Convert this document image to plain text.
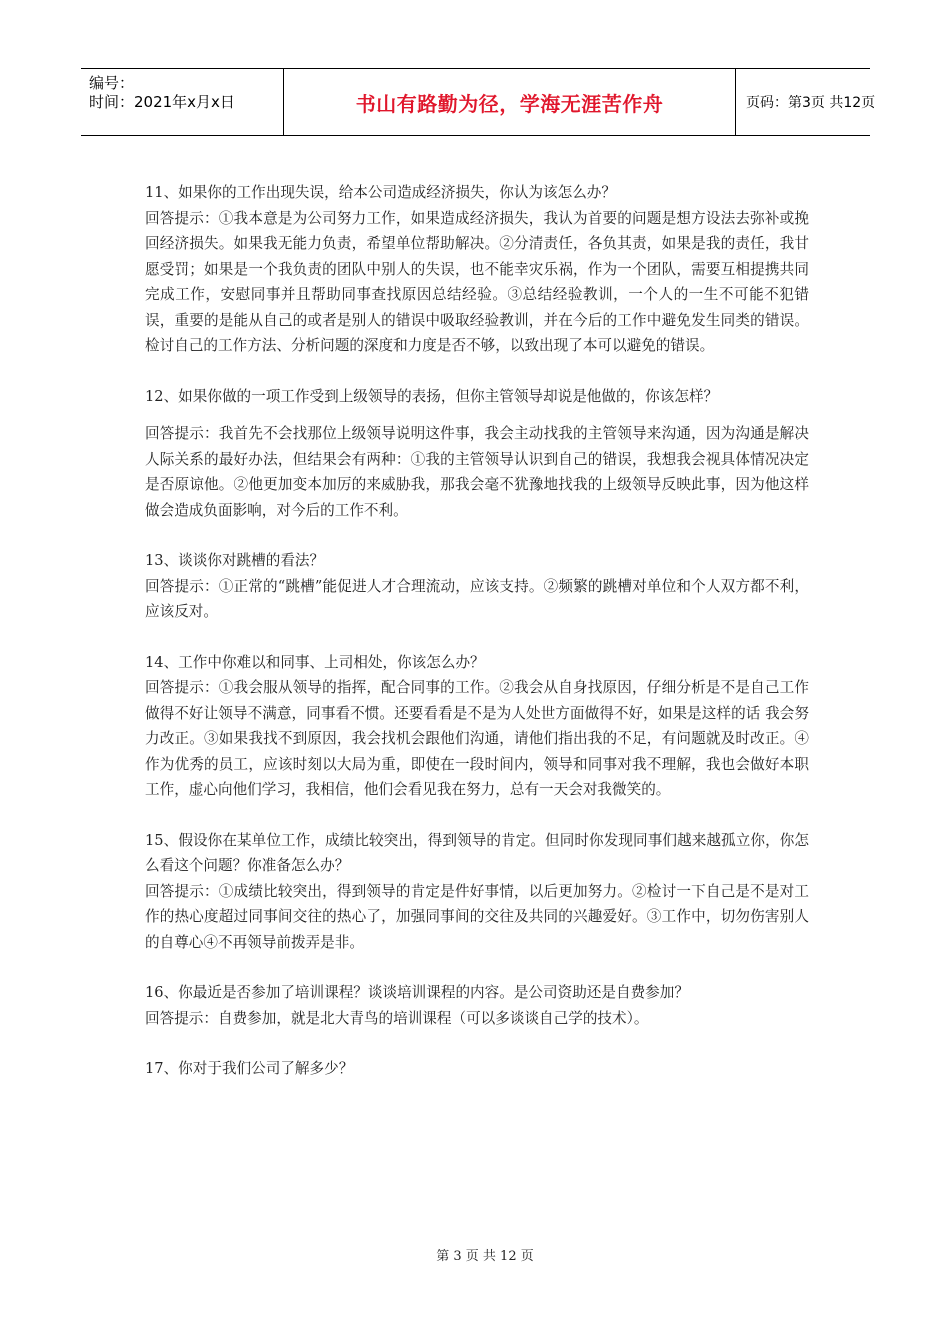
编号：
时间：2021年x月x日	书山有路勤为径，学海无涯苦作舟	页码：第3页 共12页

11、如果你的工作出现失误，给本公司造成经济损失，你认为该怎么办？

回答提示：①我本意是为公司努力工作，如果造成经济损失，我认为首要的问题是想方设法去弥补或挽回经济损失。如果我无能力负责，希望单位帮助解决。②分清责任，各负其责，如果是我的责任，我甘愿受罚；如果是一个我负责的团队中别人的失误，也不能幸灾乐祸，作为一个团队，需要互相提携共同完成工作，安慰同事并且帮助同事查找原因总结经验。③总结经验教训，一个人的一生不可能不犯错误，重要的是能从自己的或者是别人的错误中吸取经验教训，并在今后的工作中避免发生同类的错误。检讨自己的工作方法、分析问题的深度和力度是否不够，以致出现了本可以避免的错误。

12、如果你做的一项工作受到上级领导的表扬，但你主管领导却说是他做的，你该怎样？

回答提示：我首先不会找那位上级领导说明这件事，我会主动找我的主管领导来沟通，因为沟通是解决人际关系的最好办法，但结果会有两种：①我的主管领导认识到自己的错误，我想我会视具体情况决定是否原谅他。②他更加变本加厉的来威胁我，那我会毫不犹豫地找我的上级领导反映此事，因为他这样做会造成负面影响，对今后的工作不利。

13、谈谈你对跳槽的看法？

回答提示：①正常的“跳槽”能促进人才合理流动，应该支持。②频繁的跳槽对单位和个人双方都不利，应该反对。

14、工作中你难以和同事、上司相处，你该怎么办？

回答提示：①我会服从领导的指挥，配合同事的工作。②我会从自身找原因，仔细分析是不是自己工作做得不好让领导不满意，同事看不惯。还要看看是不是为人处世方面做得不好，如果是这样的话 我会努力改正。③如果我找不到原因，我会找机会跟他们沟通，请他们指出我的不足，有问题就及时改正。④作为优秀的员工，应该时刻以大局为重，即使在一段时间内，领导和同事对我不理解，我也会做好本职工作，虚心向他们学习，我相信，他们会看见我在努力，总有一天会对我微笑的。

15、假设你在某单位工作，成绩比较突出，得到领导的肯定。但同时你发现同事们越来越孤立你，你怎么看这个问题？你准备怎么办？

回答提示：①成绩比较突出，得到领导的肯定是件好事情，以后更加努力。②检讨一下自己是不是对工作的热心度超过同事间交往的热心了，加强同事间的交往及共同的兴趣爱好。③工作中，切勿伤害别人的自尊心④不再领导前拨弄是非。

16、你最近是否参加了培训课程？谈谈培训课程的内容。是公司资助还是自费参加？

回答提示：自费参加，就是北大青鸟的培训课程（可以多谈谈自己学的技术）。

17、你对于我们公司了解多少？

第 3 页 共 12 页
